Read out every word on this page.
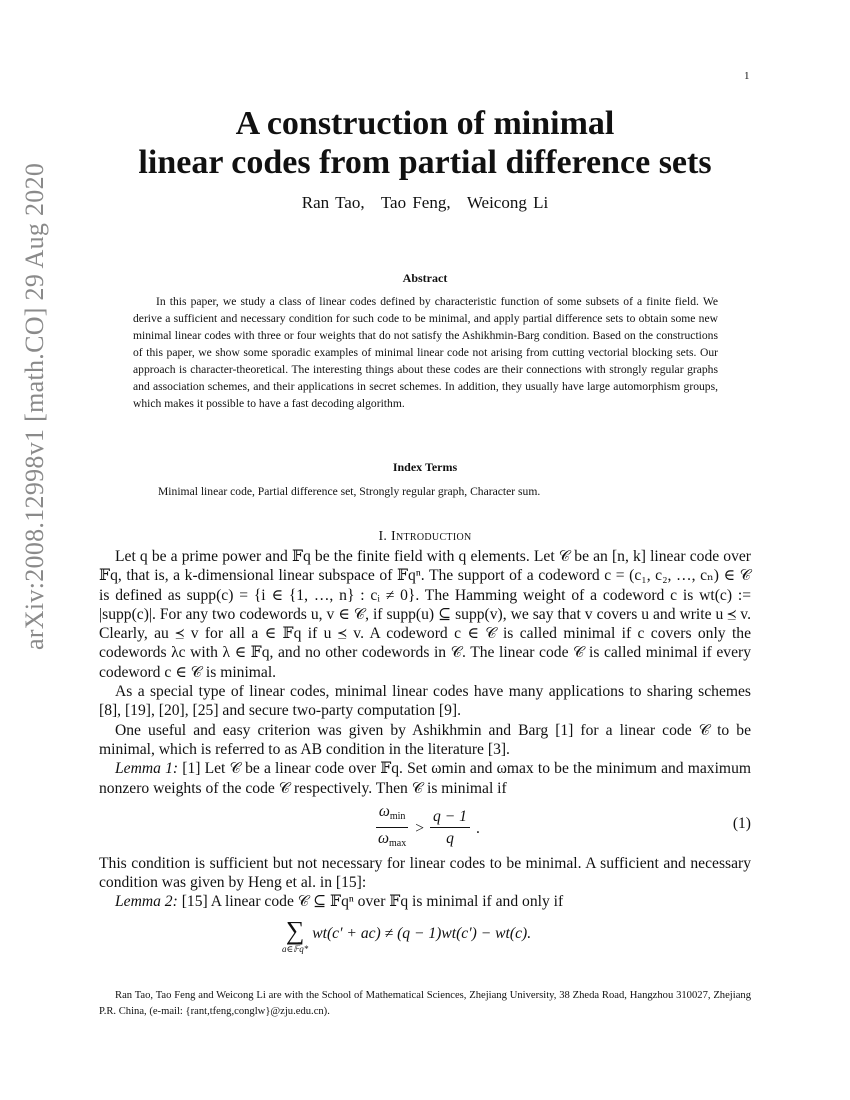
1
arXiv:2008.12998v1 [math.CO] 29 Aug 2020
A construction of minimal
linear codes from partial difference sets
Ran Tao, Tao Feng, Weicong Li
Abstract
In this paper, we study a class of linear codes defined by characteristic function of some subsets of a finite field. We derive a sufficient and necessary condition for such code to be minimal, and apply partial difference sets to obtain some new minimal linear codes with three or four weights that do not satisfy the Ashikhmin-Barg condition. Based on the constructions of this paper, we show some sporadic examples of minimal linear code not arising from cutting vectorial blocking sets. Our approach is character-theoretical. The interesting things about these codes are their connections with strongly regular graphs and association schemes, and their applications in secret schemes. In addition, they usually have large automorphism groups, which makes it possible to have a fast decoding algorithm.
Index Terms
Minimal linear code, Partial difference set, Strongly regular graph, Character sum.
I. Introduction

Let q be a prime power and 𝔽q be the finite field with q elements. Let 𝒞 be an [n, k] linear code over 𝔽q, that is, a k-dimensional linear subspace of 𝔽qⁿ. The support of a codeword c = (c₁, c₂, …, cₙ) ∈ 𝒞 is defined as supp(c) = {i ∈ {1, …, n} : cᵢ ≠ 0}. The Hamming weight of a codeword c is wt(c) := |supp(c)|. For any two codewords u, v ∈ 𝒞, if supp(u) ⊆ supp(v), we say that v covers u and write u ⪯ v. Clearly, au ⪯ v for all a ∈ 𝔽q if u ⪯ v. A codeword c ∈ 𝒞 is called minimal if c covers only the codewords λc with λ ∈ 𝔽q, and no other codewords in 𝒞. The linear code 𝒞 is called minimal if every codeword c ∈ 𝒞 is minimal.

As a special type of linear codes, minimal linear codes have many applications to sharing schemes [8], [19], [20], [25] and secure two-party computation [9].

One useful and easy criterion was given by Ashikhmin and Barg [1] for a linear code 𝒞 to be minimal, which is referred to as AB condition in the literature [3].

Lemma 1: [1] Let 𝒞 be a linear code over 𝔽q. Set ωmin and ωmax to be the minimum and maximum nonzero weights of the code 𝒞 respectively. Then 𝒞 is minimal if

$\frac{\omega_{min}}{\omega_{max}} > \frac{q - 1}{q}$ .	(1)

This condition is sufficient but not necessary for linear codes to be minimal. A sufficient and necessary condition was given by Heng et al. in [15]:

Lemma 2: [15] A linear code 𝒞 ⊆ 𝔽qⁿ over 𝔽q is minimal if and only if

∑
a∈𝔽q*
wt(c′ + ac) ≠ (q − 1)wt(c′) − wt(c).

Ran Tao, Tao Feng and Weicong Li are with the School of Mathematical Sciences, Zhejiang University, 38 Zheda Road, Hangzhou 310027, Zhejiang P.R. China, (e-mail: {rant,tfeng,conglw}@zju.edu.cn).
